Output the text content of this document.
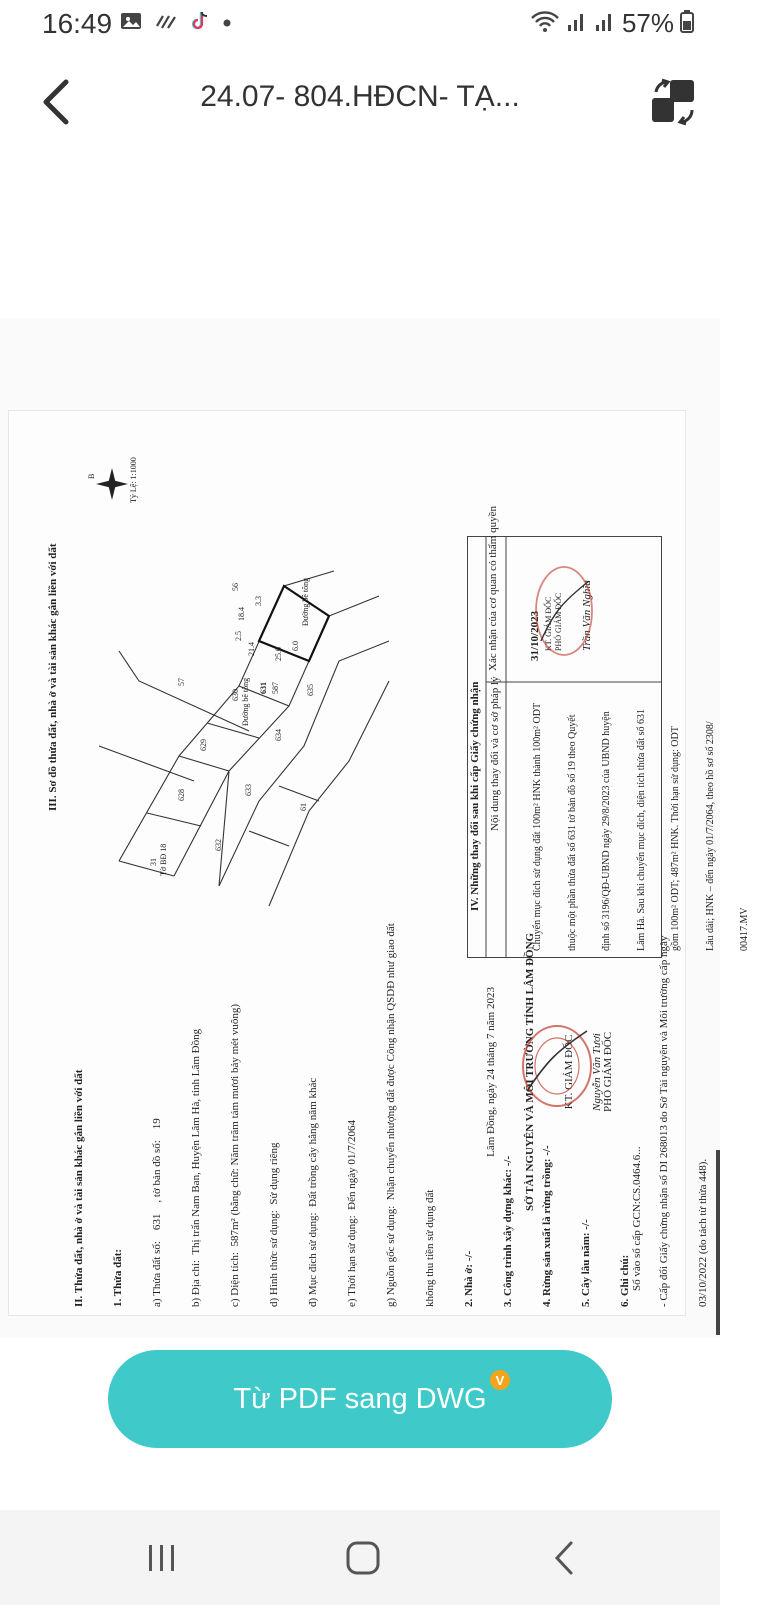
16:49	57%
24.07- 804.HĐCN- TẠ...

II. Thửa đất, nhà ở và tài sản khác gắn liền với đất

1. Thửa đất:

a) Thửa đất số:    631    , tờ bản đồ số:    19

b) Địa chỉ:  Thị trấn Nam Ban, Huyện Lâm Hà, tỉnh Lâm Đồng

c) Diện tích:  587m² (bằng chữ: Năm trăm tám mươi bảy mét vuông)

d) Hình thức sử dụng:  Sử dụng riêng

đ) Mục đích sử dụng:  Đất trồng cây hằng năm khác

e) Thời hạn sử dụng:  Đến ngày 01/7/2064

g) Nguồn gốc sử dụng:  Nhận chuyển nhượng đất được Công nhận QSDĐ như giao đất

không thu tiền sử dụng đất

2. Nhà ở: -/-

3. Công trình xây dựng khác: -/-

4. Rừng sản xuất là rừng trồng: -/-

5. Cây lâu năm: -/-

6. Ghi chú:

- Cấp đổi Giấy chứng nhận số DI 268013 do Sở Tài nguyên và Môi trường cấp ngày

03/10/2022 (do tách từ thửa 448).

III. Sơ đồ thửa đất, nhà ở và tài sản khác gắn liền với đất

Lâm Đồng, ngày 24 tháng 7 năm 2023

SỞ TÀI NGUYÊN VÀ MÔI TRƯỜNG TỈNH LÂM ĐỒNG

KT. GIÁM ĐỐC

PHÓ GIÁM ĐỐC

Nguyễn Văn Tươi
Số vào sổ cấp GCN:CS.0464.6...
631 587
628
629
630
632
633
634
635
57
61
56
Đường bê tông
Đường bê tông
31 Tờ BĐ 18
18.4
21.4 25.0
3.3
6.0
2.5
B	Tỷ Lệ: 1:1000
IV. Những thay đổi sau khi cấp Giấy chứng nhận Nội dung thay đổi và cơ sở pháp lý
Xác nhận của cơ quan có thẩm quyền

Chuyển mục đích sử dụng đất 100m² HNK thành 100m² ODT

thuộc một phần thửa đất số 631 tờ bản đồ số 19 theo Quyết

định số 3196/QĐ-UBND ngày 29/8/2023 của UBND huyện

Lâm Hà. Sau khi chuyển mục đích, diện tích thửa đất số 631

gồm 100m² ODT; 487m² HNK. Thời hạn sử dụng: ODT

Lâu dài; HNK – đến ngày 01/7/2064, theo hồ sơ số 2308/

00417.MV

31/10/2023 KT. GIÁM ĐỐC PHÓ GIÁM ĐỐC Trần Văn Nghĩa
Từ PDF sang DWG
V
